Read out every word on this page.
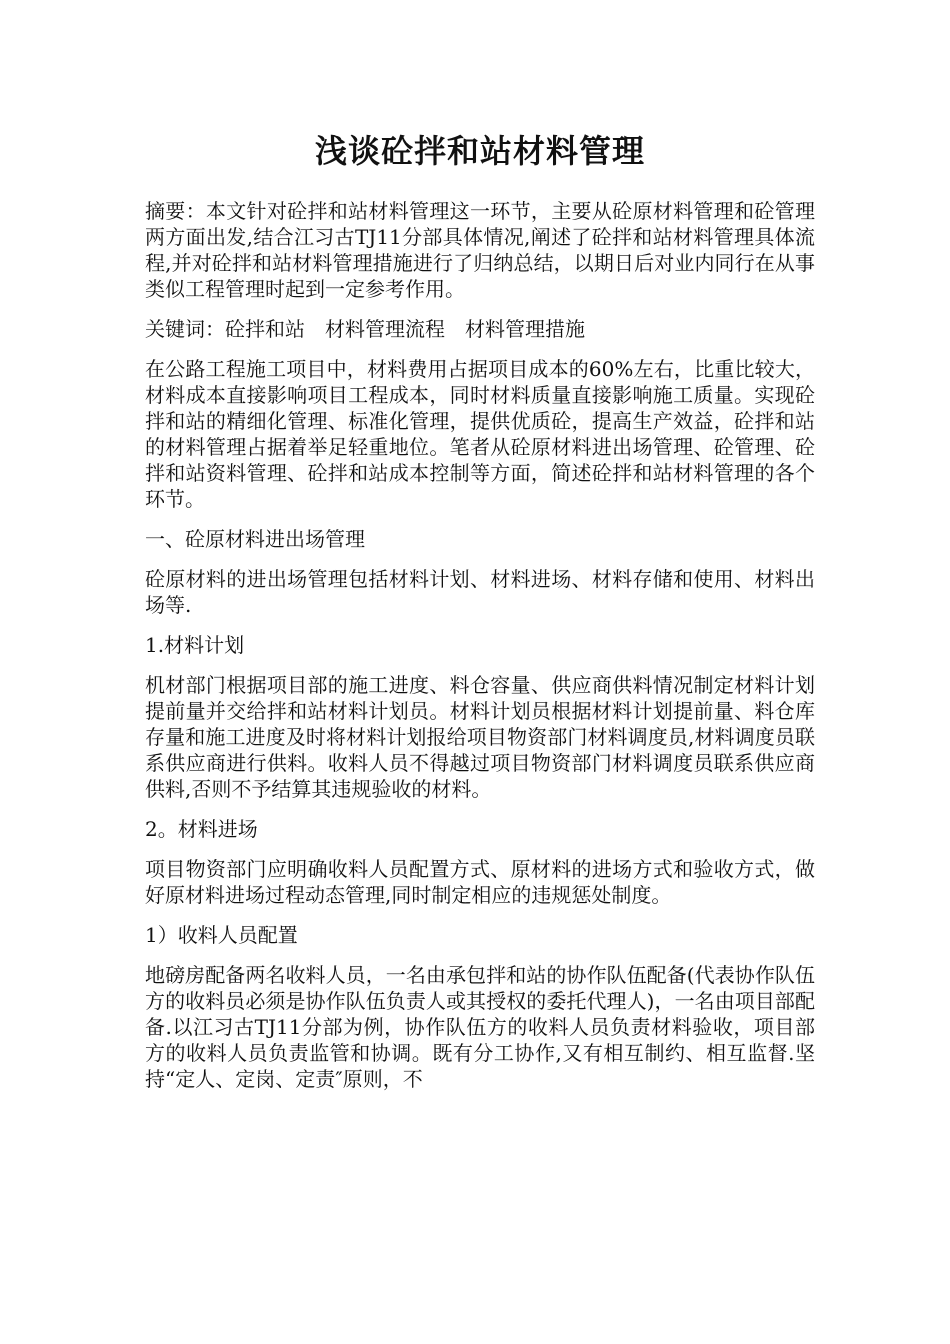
浅谈砼拌和站材料管理

摘要：本文针对砼拌和站材料管理这一环节，主要从砼原材料管理和砼管理两方面出发,结合江习古TJ11分部具体情况,阐述了砼拌和站材料管理具体流程,并对砼拌和站材料管理措施进行了归纳总结，以期日后对业内同行在从事类似工程管理时起到一定参考作用。

关键词：砼拌和站　材料管理流程　材料管理措施

在公路工程施工项目中，材料费用占据项目成本的60%左右，比重比较大，材料成本直接影响项目工程成本，同时材料质量直接影响施工质量。实现砼拌和站的精细化管理、标准化管理，提供优质砼，提高生产效益，砼拌和站的材料管理占据着举足轻重地位。笔者从砼原材料进出场管理、砼管理、砼拌和站资料管理、砼拌和站成本控制等方面，简述砼拌和站材料管理的各个环节。

一、砼原材料进出场管理

砼原材料的进出场管理包括材料计划、材料进场、材料存储和使用、材料出场等.

1.材料计划

机材部门根据项目部的施工进度、料仓容量、供应商供料情况制定材料计划提前量并交给拌和站材料计划员。材料计划员根据材料计划提前量、料仓库存量和施工进度及时将材料计划报给项目物资部门材料调度员,材料调度员联系供应商进行供料。收料人员不得越过项目物资部门材料调度员联系供应商供料,否则不予结算其违规验收的材料。

2。材料进场

项目物资部门应明确收料人员配置方式、原材料的进场方式和验收方式，做好原材料进场过程动态管理,同时制定相应的违规惩处制度。

1）收料人员配置

地磅房配备两名收料人员，一名由承包拌和站的协作队伍配备(代表协作队伍方的收料员必须是协作队伍负责人或其授权的委托代理人)，一名由项目部配备.以江习古TJ11分部为例，协作队伍方的收料人员负责材料验收，项目部方的收料人员负责监管和协调。既有分工协作,又有相互制约、相互监督.坚持“定人、定岗、定责″原则，不
